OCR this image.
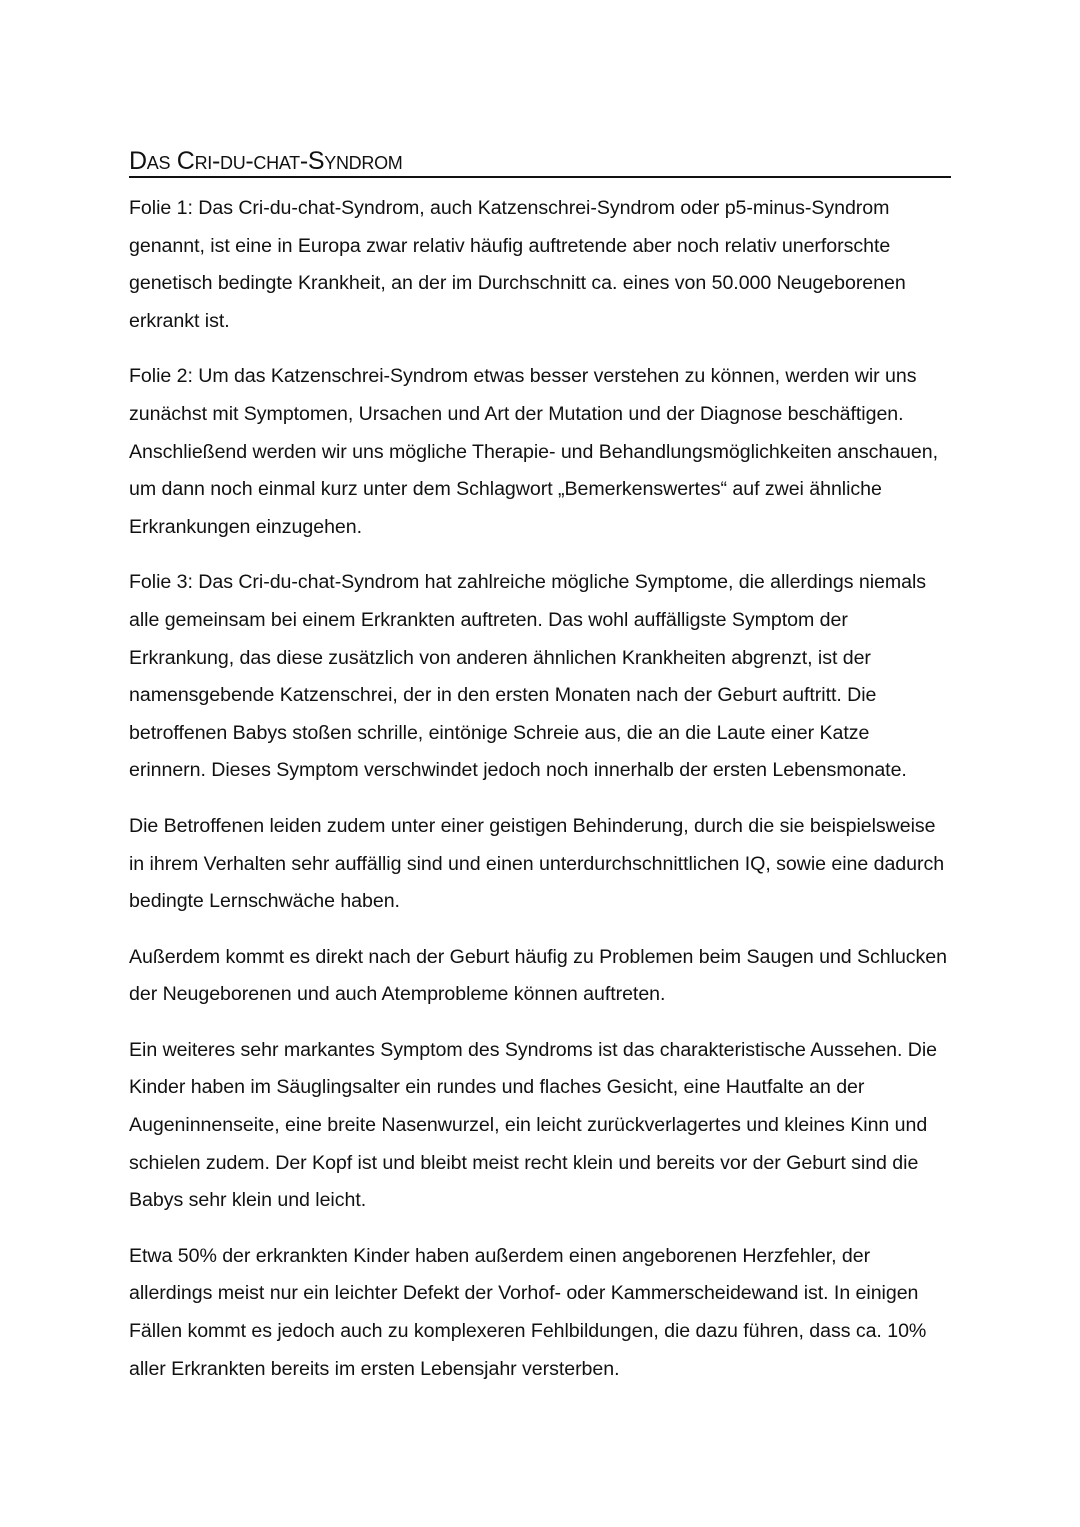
Das Cri-du-chat-Syndrom

Folie 1: Das Cri-du-chat-Syndrom, auch Katzenschrei-Syndrom oder p5-minus-Syndrom genannt, ist eine in Europa zwar relativ häufig auftretende aber noch relativ unerforschte genetisch bedingte Krankheit, an der im Durchschnitt ca. eines von 50.000 Neugeborenen erkrankt ist.

Folie 2: Um das Katzenschrei-Syndrom etwas besser verstehen zu können, werden wir uns zunächst mit Symptomen, Ursachen und Art der Mutation und der Diagnose beschäftigen. Anschließend werden wir uns mögliche Therapie- und Behandlungsmöglichkeiten anschauen, um dann noch einmal kurz unter dem Schlagwort „Bemerkenswertes“ auf zwei ähnliche Erkrankungen einzugehen.

Folie 3: Das Cri-du-chat-Syndrom hat zahlreiche mögliche Symptome, die allerdings niemals alle gemeinsam bei einem Erkrankten auftreten. Das wohl auffälligste Symptom der Erkrankung, das diese zusätzlich von anderen ähnlichen Krankheiten abgrenzt, ist der namensgebende Katzenschrei, der in den ersten Monaten nach der Geburt auftritt. Die betroffenen Babys stoßen schrille, eintönige Schreie aus, die an die Laute einer Katze erinnern. Dieses Symptom verschwindet jedoch noch innerhalb der ersten Lebensmonate.

Die Betroffenen leiden zudem unter einer geistigen Behinderung, durch die sie beispielsweise in ihrem Verhalten sehr auffällig sind und einen unterdurchschnittlichen IQ, sowie eine dadurch bedingte Lernschwäche haben.

Außerdem kommt es direkt nach der Geburt häufig zu Problemen beim Saugen und Schlucken der Neugeborenen und auch Atemprobleme können auftreten.

Ein weiteres sehr markantes Symptom des Syndroms ist das charakteristische Aussehen. Die Kinder haben im Säuglingsalter ein rundes und flaches Gesicht, eine Hautfalte an der Augeninnenseite, eine breite Nasenwurzel, ein leicht zurückverlagertes und kleines Kinn und schielen zudem. Der Kopf ist und bleibt meist recht klein und bereits vor der Geburt sind die Babys sehr klein und leicht.

Etwa 50% der erkrankten Kinder haben außerdem einen angeborenen Herzfehler, der allerdings meist nur ein leichter Defekt der Vorhof- oder Kammerscheidewand ist. In einigen Fällen kommt es jedoch auch zu komplexeren Fehlbildungen, die dazu führen, dass ca. 10% aller Erkrankten bereits im ersten Lebensjahr versterben.
